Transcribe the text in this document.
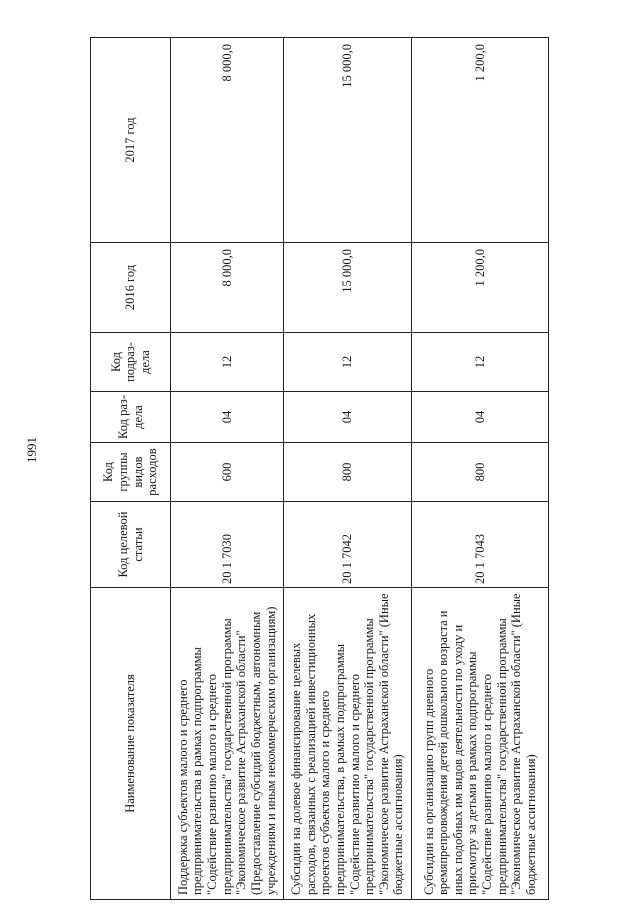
1991
Наименование показателя	Код целевой статьи	Код группы видов расходов	Код раз- дела	Код подраз- дела	2016 год	2017 год
Поддержка субъектов малого и среднего предпринимательства в рамках подпрограммы "Содействие развитию малого и среднего предпринимательства" государственной программы "Экономическое развитие Астраханской области" (Предоставление субсидий бюджетным, автономным учреждениям и иным некоммерческим организациям)	20 1 7030	600	04	12	8 000,0	8 000,0
Субсидии на долевое финансирование целевых расходов, связанных с реализацией инвестиционных проектов субъектов малого и среднего предпринимательства, в рамках подпрограммы "Содействие развитию малого и среднего предпринимательства" государственной программы "Экономическое развитие Астраханской области" (Иные бюджетные ассигнования)	20 1 7042	800	04	12	15 000,0	15 000,0
Субсидии на организацию групп дневного времяпрепровождения детей дошкольного возраста и иных подобных им видов деятельности по уходу и присмотру за детьми в рамках подпрограммы "Содействие развитию малого и среднего предпринимательства" государственной программы "Экономическое развитие Астраханской области" (Иные бюджетные ассигнования)	20 1 7043	800	04	12	1 200,0	1 200,0
